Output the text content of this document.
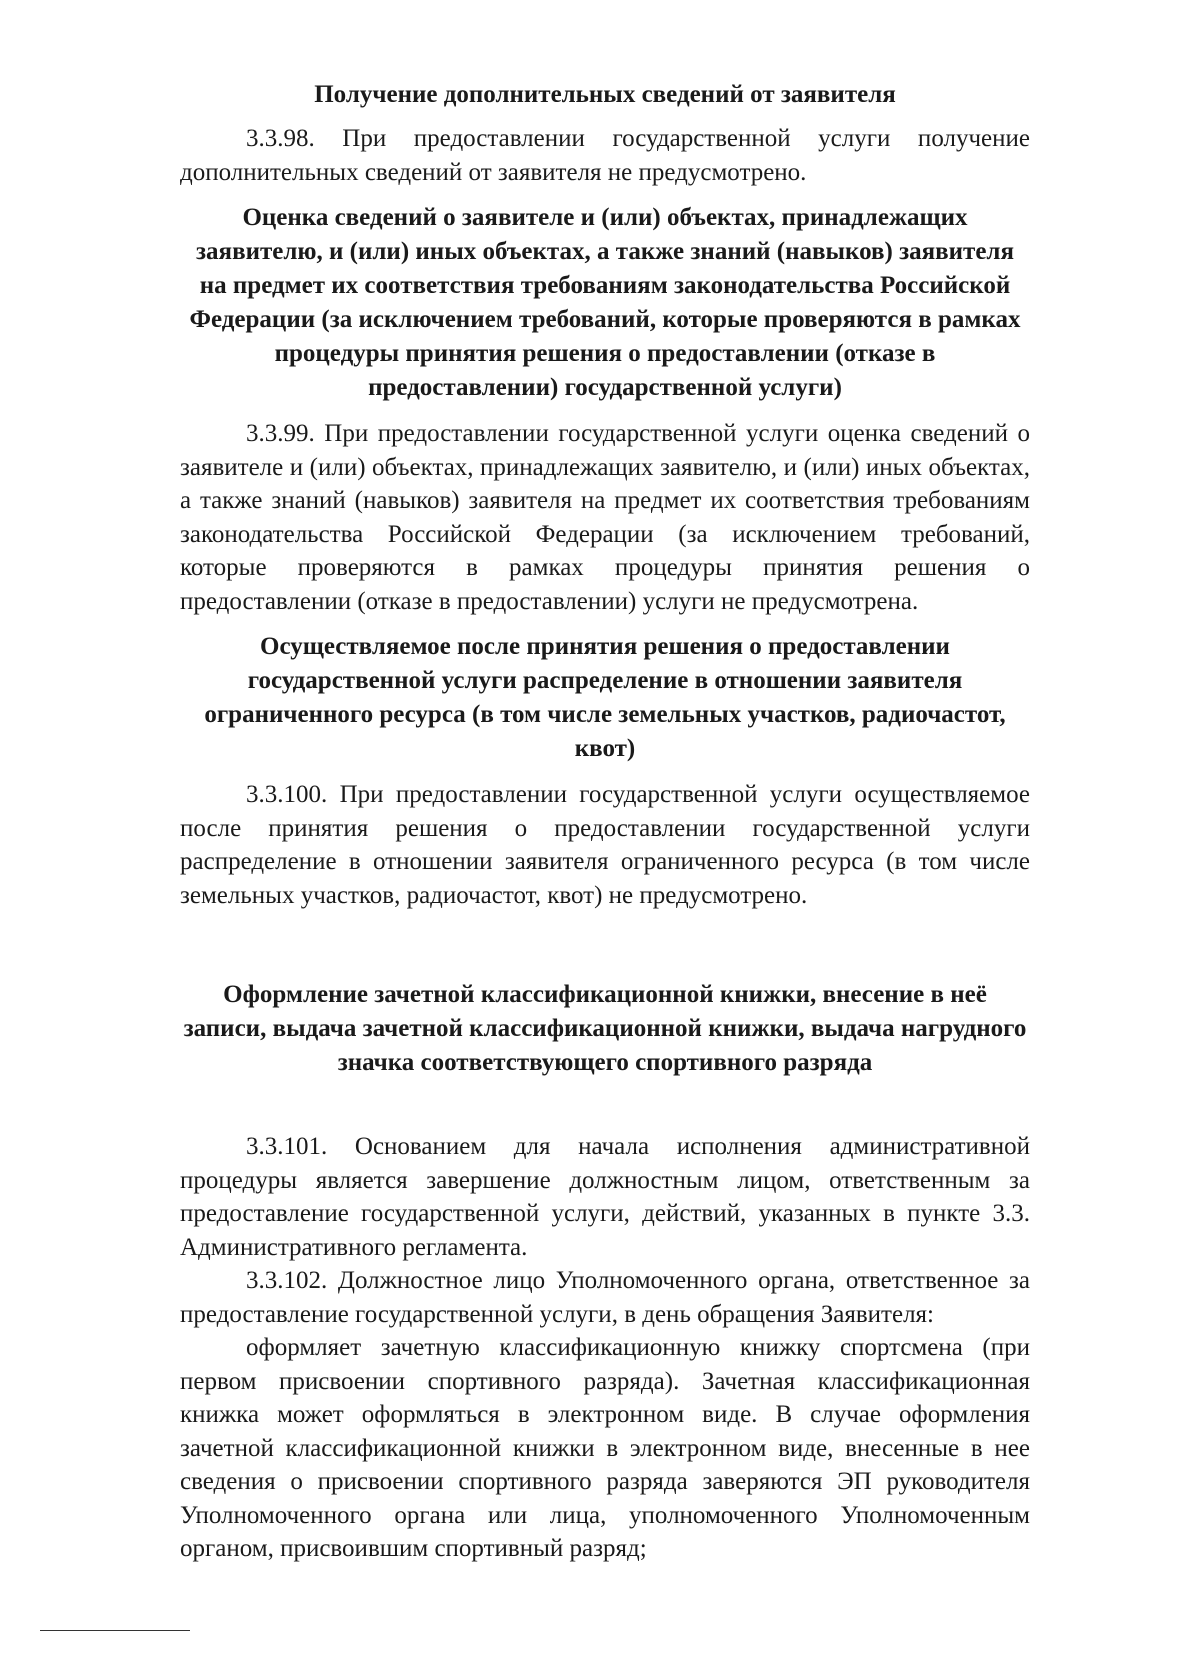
Получение дополнительных сведений от заявителя

3.3.98. При предоставлении государственной услуги получение дополнительных сведений от заявителя не предусмотрено.

Оценка сведений о заявителе и (или) объектах, принадлежащих заявителю, и (или) иных объектах, а также знаний (навыков) заявителя на предмет их соответствия требованиям законодательства Российской Федерации (за исключением требований, которые проверяются в рамках процедуры принятия решения о предоставлении (отказе в предоставлении) государственной услуги)

3.3.99. При предоставлении государственной услуги оценка сведений о заявителе и (или) объектах, принадлежащих заявителю, и (или) иных объектах, а также знаний (навыков) заявителя на предмет их соответствия требованиям законодательства Российской Федерации (за исключением требований, которые проверяются в рамках процедуры принятия решения о предоставлении (отказе в предоставлении) услуги не предусмотрена.

Осуществляемое после принятия решения о предоставлении государственной услуги распределение в отношении заявителя ограниченного ресурса (в том числе земельных участков, радиочастот, квот)

3.3.100. При предоставлении государственной услуги осуществляемое после принятия решения о предоставлении государственной услуги распределение в отношении заявителя ограниченного ресурса (в том числе земельных участков, радиочастот, квот) не предусмотрено.

Оформление зачетной классификационной книжки, внесение в неё записи, выдача зачетной классификационной книжки, выдача нагрудного значка соответствующего спортивного разряда

3.3.101. Основанием для начала исполнения административной процедуры является завершение должностным лицом, ответственным за предоставление государственной услуги, действий, указанных в пункте 3.3. Административного регламента.

3.3.102. Должностное лицо Уполномоченного органа, ответственное за предоставление государственной услуги, в день обращения Заявителя:

оформляет зачетную классификационную книжку спортсмена (при первом присвоении спортивного разряда). Зачетная классификационная книжка может оформляться в электронном виде. В случае оформления зачетной классификационной книжки в электронном виде, внесенные в нее сведения о присвоении спортивного разряда заверяются ЭП руководителя Уполномоченного органа или лица, уполномоченного Уполномоченным органом, присвоившим спортивный разряд;
